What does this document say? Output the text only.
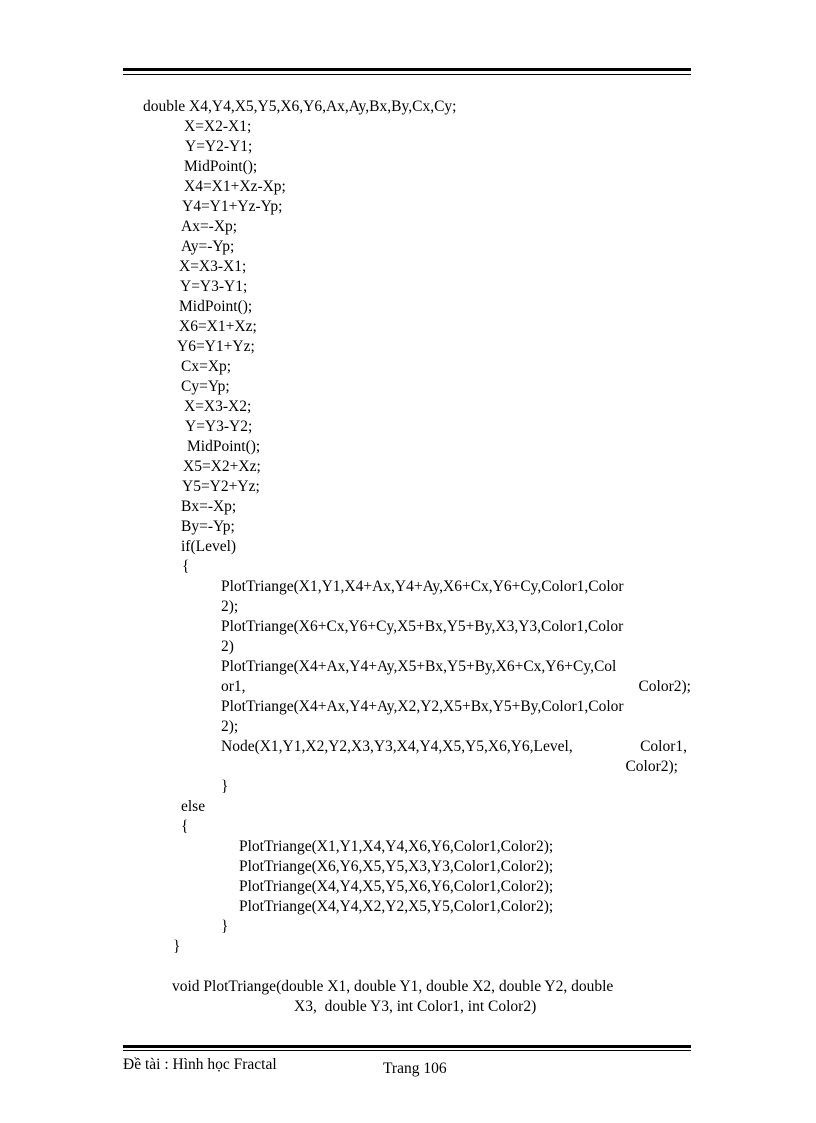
double X4,Y4,X5,Y5,X6,Y6,Ax,Ay,Bx,By,Cx,Cy;
X=X2-X1;
Y=Y2-Y1;
MidPoint();
X4=X1+Xz-Xp;
Y4=Y1+Yz-Yp;
Ax=-Xp;
Ay=-Yp;
X=X3-X1;
Y=Y3-Y1;
MidPoint();
X6=X1+Xz;
Y6=Y1+Yz;
Cx=Xp;
Cy=Yp;
X=X3-X2;
Y=Y3-Y2;
MidPoint();
X5=X2+Xz;
Y5=Y2+Yz;
Bx=-Xp;
By=-Yp;
if(Level)
{
PlotTriange(X1,Y1,X4+Ax,Y4+Ay,X6+Cx,Y6+Cy,Color1,Color
2);
PlotTriange(X6+Cx,Y6+Cy,X5+Bx,Y5+By,X3,Y3,Color1,Color
2)
PlotTriange(X4+Ax,Y4+Ay,X5+Bx,Y5+By,X6+Cx,Y6+Cy,Col
or1,	Color2);
PlotTriange(X4+Ax,Y4+Ay,X2,Y2,X5+Bx,Y5+By,Color1,Color
2);
Node(X1,Y1,X2,Y2,X3,Y3,X4,Y4,X5,Y5,X6,Y6,Level,	Color1,
Color2);
}
else
{
PlotTriange(X1,Y1,X4,Y4,X6,Y6,Color1,Color2);
PlotTriange(X6,Y6,X5,Y5,X3,Y3,Color1,Color2);
PlotTriange(X4,Y4,X5,Y5,X6,Y6,Color1,Color2);
PlotTriange(X4,Y4,X2,Y2,X5,Y5,Color1,Color2);
}
}
void PlotTriange(double X1, double Y1, double X2, double Y2, double
X3,  double Y3, int Color1, int Color2)
Đề tài : Hình học Fractal	Trang 106
